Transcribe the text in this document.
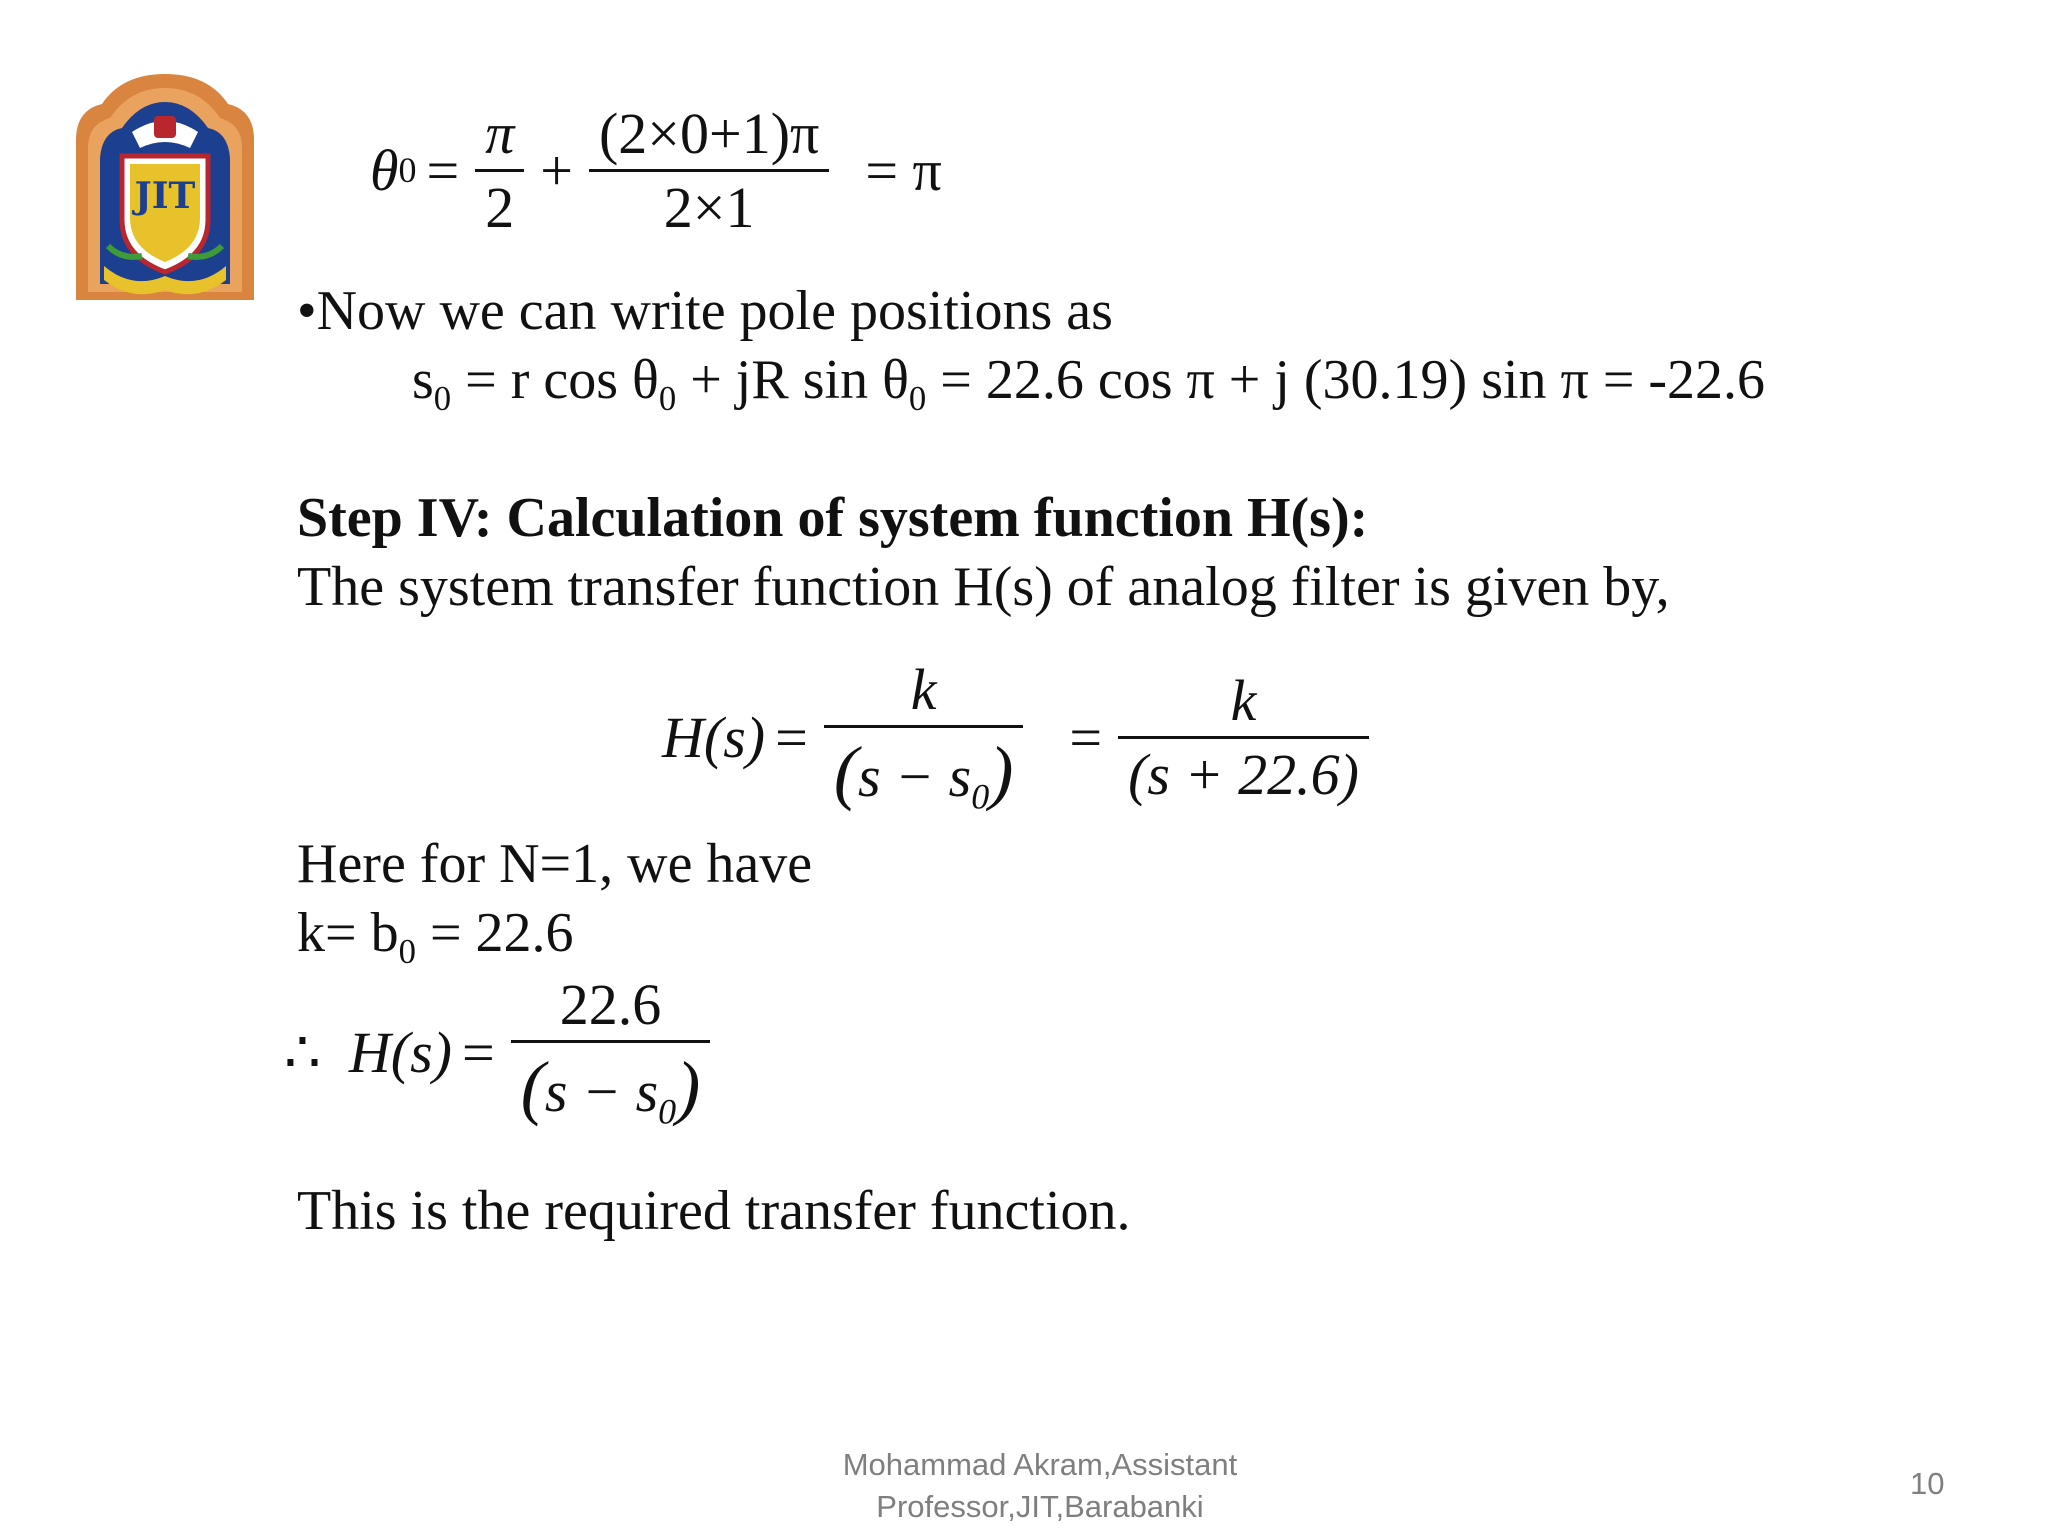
JIT	θ $0 = \frac{\pi}{2} + \frac{(2\times 0+1)\pi}{2\times 1} = \pi$
•Now we can write pole positions as
$s_0 = r$ $\cos \theta_0$ + jR $\sin \theta_0 = 22.6$ cos π + j (30.19) sin π = -22.6
Step IV: Calculation of system function H(s):
The system transfer function H(s) of analog filter is given by,
$H(s) = \frac{k}{(s - s_0)} = \frac{k}{(s + 22.6)}$
Here for N=1, we have
$k= b_0 = 22.6$
∴ $H(s) = \frac{22.6}{(s - s_0)}$
This is the required transfer function.
Mohammad Akram,Assistant
Professor,JIT,Barabanki
10
